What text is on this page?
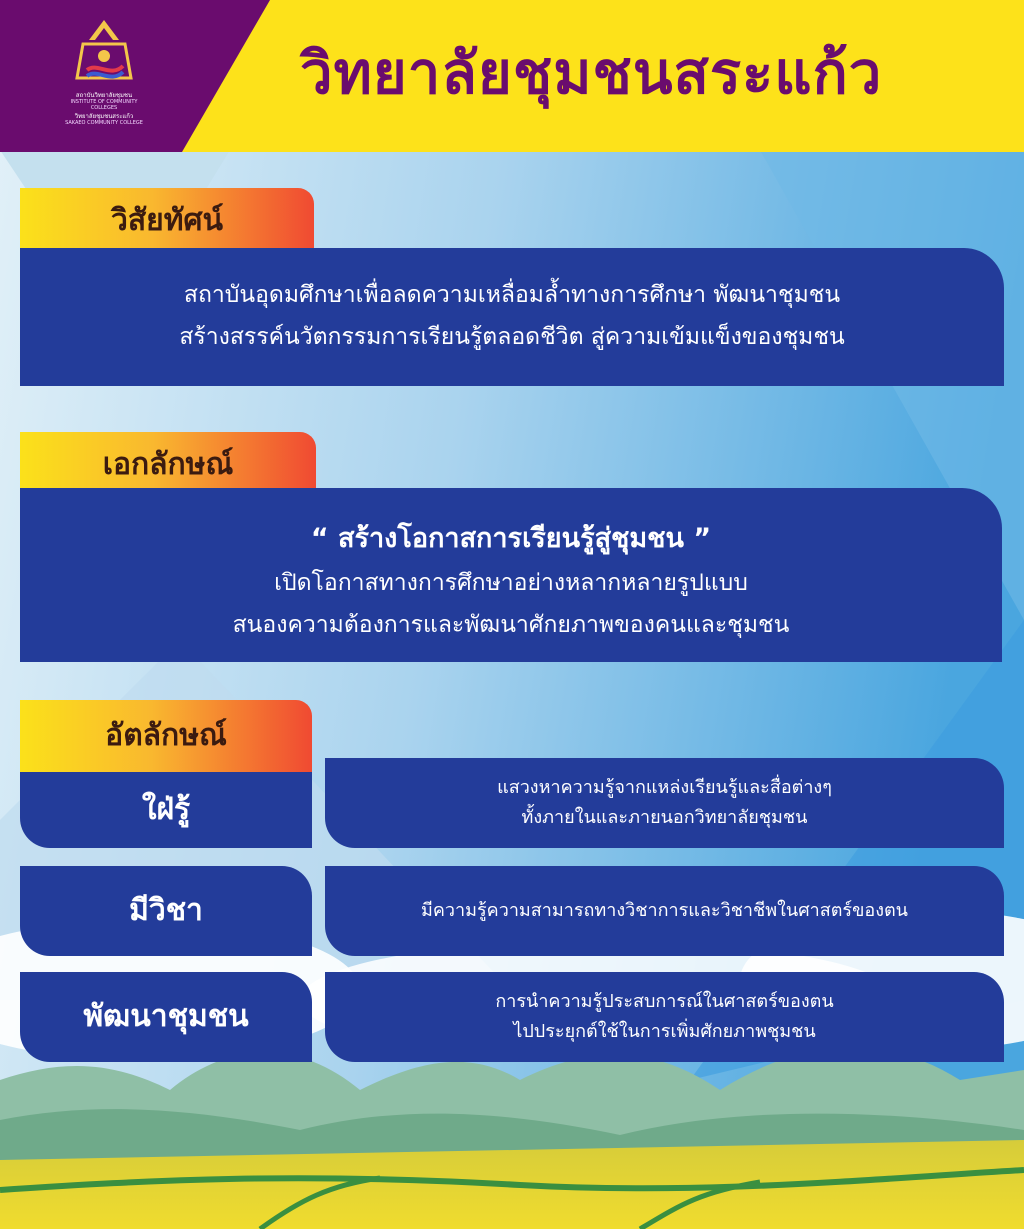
สถาบันวิทยาลัยชุมชน
INSTITUTE OF COMMUNITY COLLEGES
วิทยาลัยชุมชนสระแก้ว
SAKAEO COMMUNITY COLLEGE
วิทยาลัยชุมชนสระแก้ว
วิสัยทัศน์

สถาบันอุดมศึกษาเพื่อลดความเหลื่อมล้ำทางการศึกษา พัฒนาชุมชน

สร้างสรรค์นวัตกรรมการเรียนรู้ตลอดชีวิต สู่ความเข้มแข็งของชุมชน

เอกลักษณ์

“ สร้างโอกาสการเรียนรู้สู่ชุมชน ”

เปิดโอกาสทางการศึกษาอย่างหลากหลายรูปแบบ

สนองความต้องการและพัฒนาศักยภาพของคนและชุมชน

อัตลักษณ์
ใฝ่รู้
แสวงหาความรู้จากแหล่งเรียนรู้และสื่อต่างๆ
ทั้งภายในและภายนอกวิทยาลัยชุมชน
มีวิชา	มีความรู้ความสามารถทางวิชาการและวิชาชีพในศาสตร์ของตน
พัฒนาชุมชน	การนำความรู้ประสบการณ์ในศาสตร์ของตน
ไปประยุกต์ใช้ในการเพิ่มศักยภาพชุมชน
